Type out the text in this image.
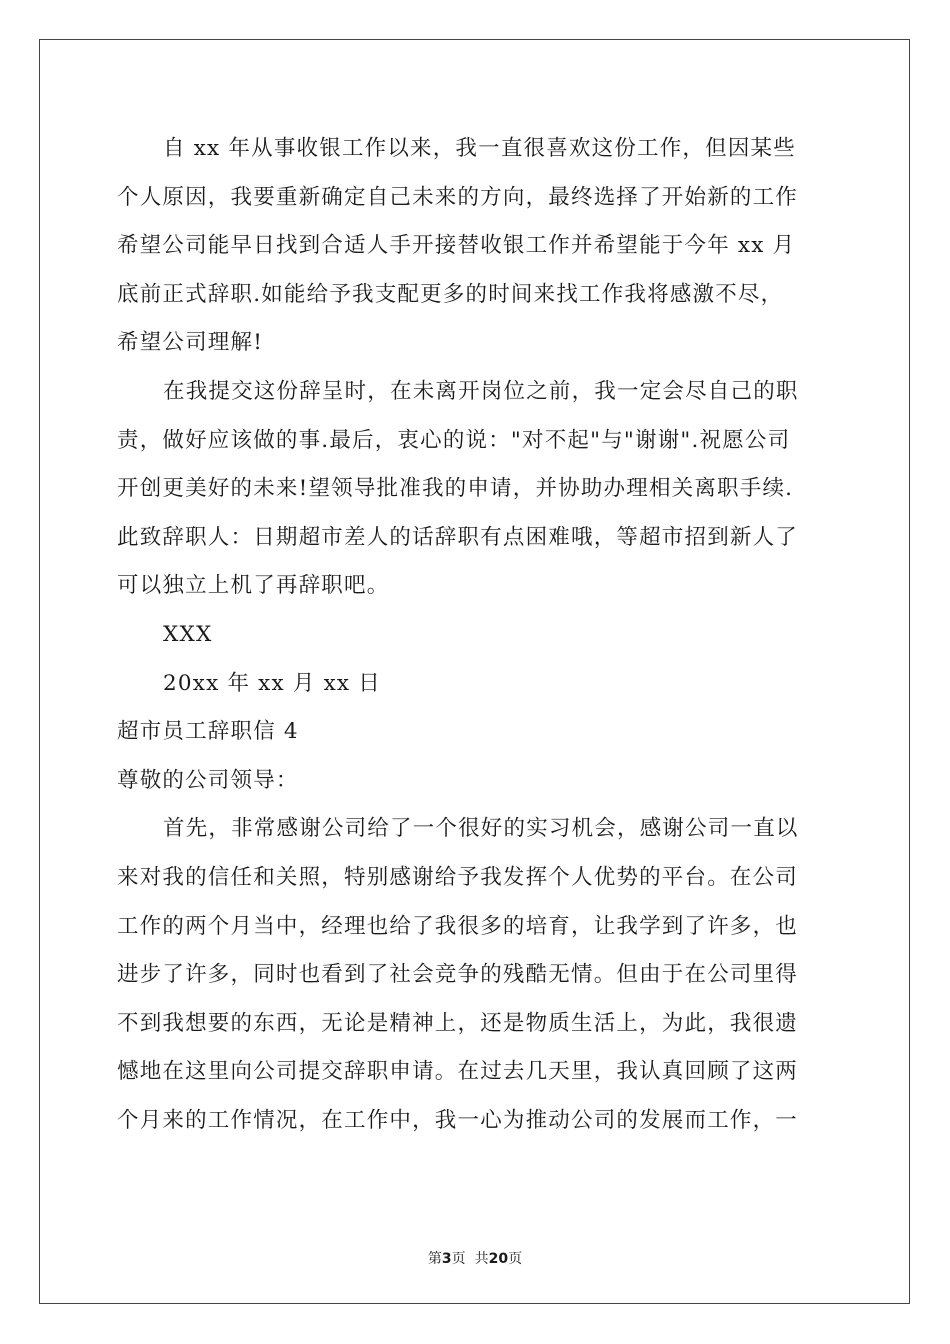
自 xx 年从事收银工作以来，我一直很喜欢这份工作，但因某些
个人原因，我要重新确定自己未来的方向，最终选择了开始新的工作
希望公司能早日找到合适人手开接替收银工作并希望能于今年 xx 月
底前正式辞职.如能给予我支配更多的时间来找工作我将感激不尽，
希望公司理解!
在我提交这份辞呈时，在未离开岗位之前，我一定会尽自己的职
责，做好应该做的事.最后，衷心的说："对不起"与"谢谢".祝愿公司
开创更美好的未来!望领导批准我的申请，并协助办理相关离职手续.
此致辞职人：日期超市差人的话辞职有点困难哦，等超市招到新人了
可以独立上机了再辞职吧。
XXX
20xx 年 xx 月 xx 日
超市员工辞职信 4
尊敬的公司领导：
首先，非常感谢公司给了一个很好的实习机会，感谢公司一直以
来对我的信任和关照，特别感谢给予我发挥个人优势的平台。在公司
工作的两个月当中，经理也给了我很多的培育，让我学到了许多，也
进步了许多，同时也看到了社会竞争的残酷无情。但由于在公司里得
不到我想要的东西，无论是精神上，还是物质生活上，为此，我很遗
憾地在这里向公司提交辞职申请。在过去几天里，我认真回顾了这两
个月来的工作情况，在工作中，我一心为推动公司的发展而工作，一
第3页  共20页
